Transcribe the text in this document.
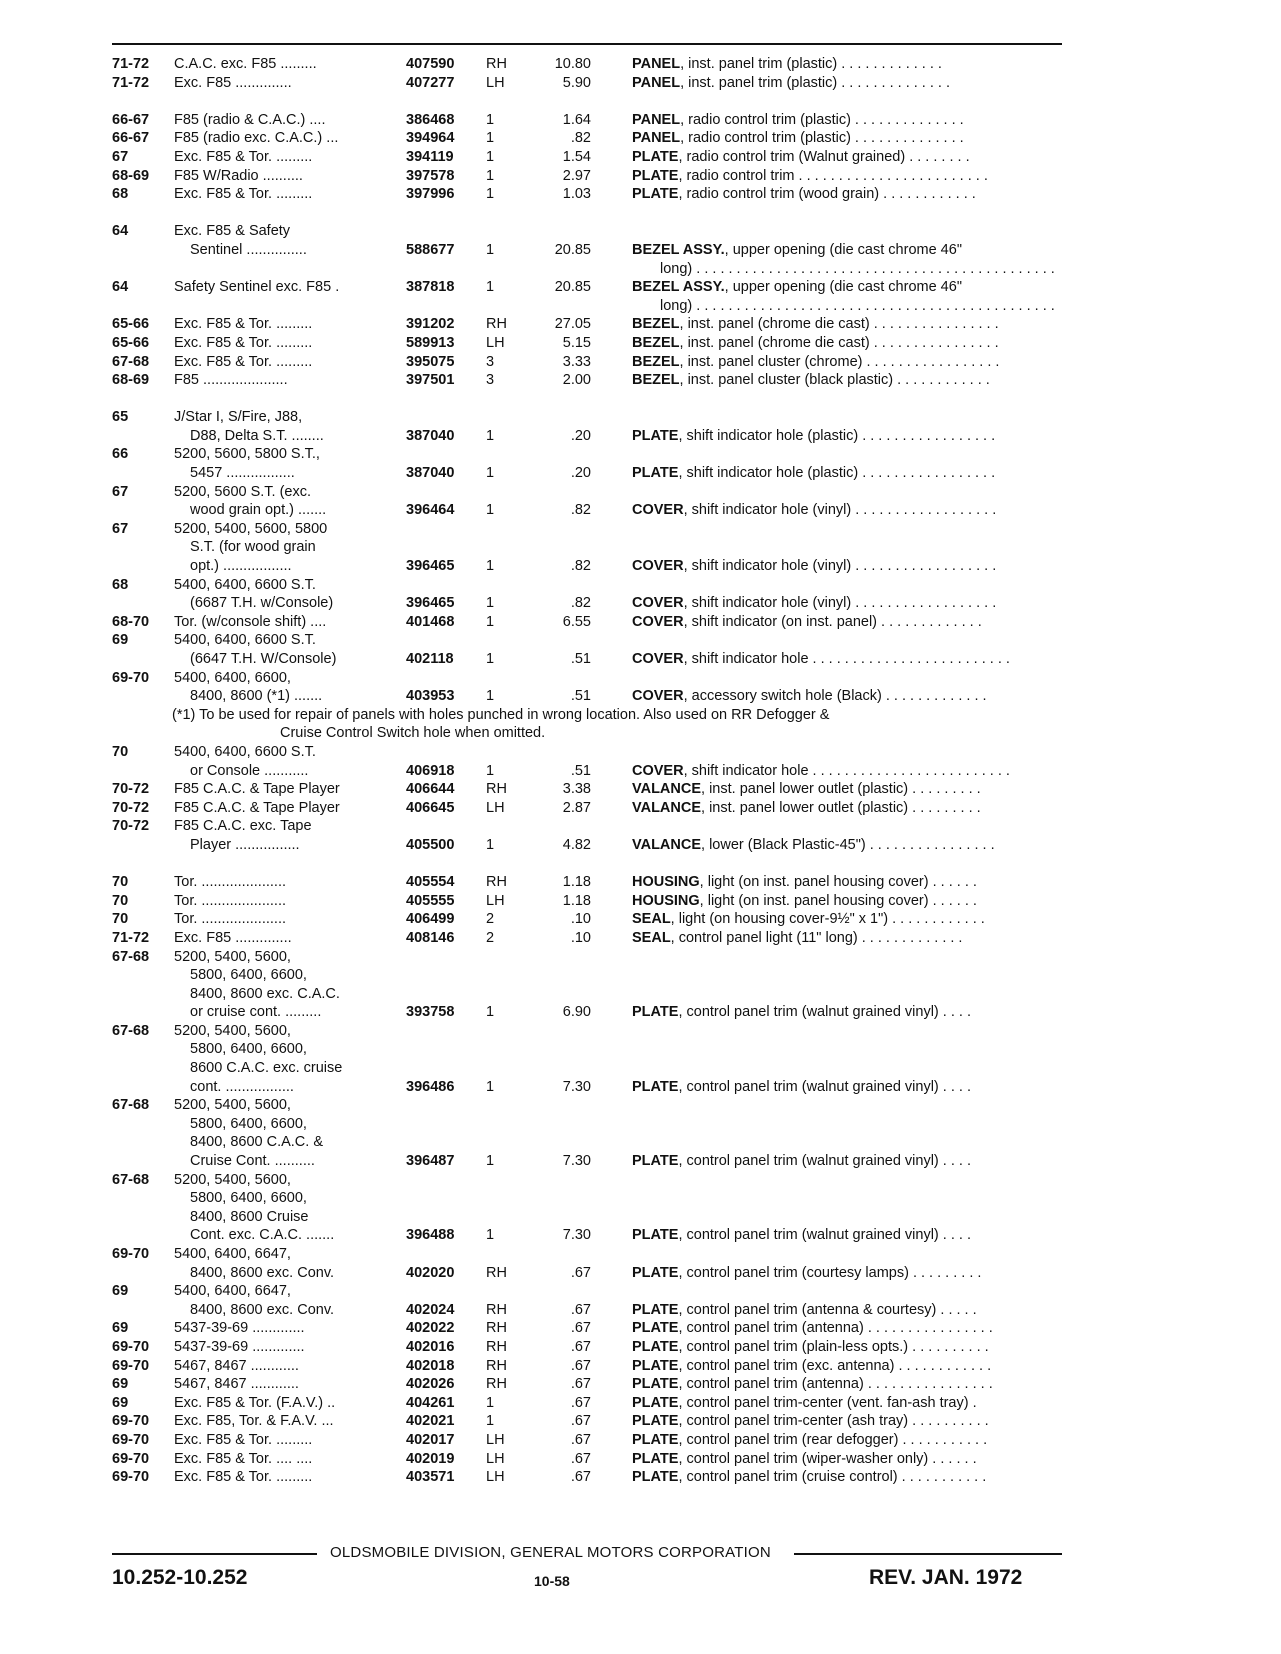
71-72	C.A.C. exc. F85 .........	407590	RH	10.80	PANEL, inst. panel trim (plastic) . . . . . . . . . . . . .
71-72	Exc. F85 ..............	407277	LH	5.90	PANEL, inst. panel trim (plastic) . . . . . . . . . . . . . .
66-67	F85 (radio & C.A.C.) ....	386468	1	1.64	PANEL, radio control trim (plastic) . . . . . . . . . . . . . .
66-67	F85 (radio exc. C.A.C.) ...	394964	1	.82	PANEL, radio control trim (plastic) . . . . . . . . . . . . . .
67	Exc. F85 & Tor. .........	394119	1	1.54	PLATE, radio control trim (Walnut grained) . . . . . . . .
68-69	F85 W/Radio ..........	397578	1	2.97	PLATE, radio control trim . . . . . . . . . . . . . . . . . . . . . . . .
68	Exc. F85 & Tor. .........	397996	1	1.03	PLATE, radio control trim (wood grain) . . . . . . . . . . . .
64	Exc. F85 & Safety
Sentinel ...............	588677	1	20.85	BEZEL ASSY., upper opening (die cast chrome 46"
long) . . . . . . . . . . . . . . . . . . . . . . . . . . . . . . . . . . . . . . . . . . . . .
64	Safety Sentinel exc. F85 .	387818	1	20.85	BEZEL ASSY., upper opening (die cast chrome 46"
long) . . . . . . . . . . . . . . . . . . . . . . . . . . . . . . . . . . . . . . . . . . . . .
65-66	Exc. F85 & Tor. .........	391202	RH	27.05	BEZEL, inst. panel (chrome die cast) . . . . . . . . . . . . . . . .
65-66	Exc. F85 & Tor. .........	589913	LH	5.15	BEZEL, inst. panel (chrome die cast) . . . . . . . . . . . . . . . .
67-68	Exc. F85 & Tor. .........	395075	3	3.33	BEZEL, inst. panel cluster (chrome) . . . . . . . . . . . . . . . . .
68-69	F85 .....................	397501	3	2.00	BEZEL, inst. panel cluster (black plastic) . . . . . . . . . . . .
65	J/Star I, S/Fire, J88,
D88, Delta S.T. ........	387040	1	.20	PLATE, shift indicator hole (plastic) . . . . . . . . . . . . . . . . .
66	5200, 5600, 5800 S.T.,
5457 .................	387040	1	.20	PLATE, shift indicator hole (plastic) . . . . . . . . . . . . . . . . .
67	5200, 5600 S.T. (exc.
wood grain opt.) .......	396464	1	.82	COVER, shift indicator hole (vinyl) . . . . . . . . . . . . . . . . . .
67	5200, 5400, 5600, 5800
S.T. (for wood grain
opt.) .................	396465	1	.82	COVER, shift indicator hole (vinyl) . . . . . . . . . . . . . . . . . .
68	5400, 6400, 6600 S.T.
(6687 T.H. w/Console)	396465	1	.82	COVER, shift indicator hole (vinyl) . . . . . . . . . . . . . . . . . .
68-70	Tor. (w/console shift) ....	401468	1	6.55	COVER, shift indicator (on inst. panel) . . . . . . . . . . . . .
69	5400, 6400, 6600 S.T.
(6647 T.H. W/Console)	402118	1	.51	COVER, shift indicator hole . . . . . . . . . . . . . . . . . . . . . . . . .
69-70	5400, 6400, 6600,
8400, 8600 (*1) .......	403953	1	.51	COVER, accessory switch hole (Black) . . . . . . . . . . . . .
(*1) To be used for repair of panels with holes punched in wrong location. Also used on RR Defogger &
Cruise Control Switch hole when omitted.
70	5400, 6400, 6600 S.T.
or Console ...........	406918	1	.51	COVER, shift indicator hole . . . . . . . . . . . . . . . . . . . . . . . . .
70-72	F85 C.A.C. & Tape Player	406644	RH	3.38	VALANCE, inst. panel lower outlet (plastic) . . . . . . . . .
70-72	F85 C.A.C. & Tape Player	406645	LH	2.87	VALANCE, inst. panel lower outlet (plastic) . . . . . . . . .
70-72	F85 C.A.C. exc. Tape
Player ................	405500	1	4.82	VALANCE, lower (Black Plastic-45") . . . . . . . . . . . . . . . .
70	Tor. .....................	405554	RH	1.18	HOUSING, light (on inst. panel housing cover) . . . . . .
70	Tor. .....................	405555	LH	1.18	HOUSING, light (on inst. panel housing cover) . . . . . .
70	Tor. .....................	406499	2	.10	SEAL, light (on housing cover-9½" x 1") . . . . . . . . . . . .
71-72	Exc. F85 ..............	408146	2	.10	SEAL, control panel light (11" long) . . . . . . . . . . . . .
67-68	5200, 5400, 5600,
5800, 6400, 6600,
8400, 8600 exc. C.A.C.
or cruise cont. .........	393758	1	6.90	PLATE, control panel trim (walnut grained vinyl) . . . .
67-68	5200, 5400, 5600,
5800, 6400, 6600,
8600 C.A.C. exc. cruise
cont. .................	396486	1	7.30	PLATE, control panel trim (walnut grained vinyl) . . . .
67-68	5200, 5400, 5600,
5800, 6400, 6600,
8400, 8600 C.A.C. &
Cruise Cont. ..........	396487	1	7.30	PLATE, control panel trim (walnut grained vinyl) . . . .
67-68	5200, 5400, 5600,
5800, 6400, 6600,
8400, 8600 Cruise
Cont. exc. C.A.C. .......	396488	1	7.30	PLATE, control panel trim (walnut grained vinyl) . . . .
69-70	5400, 6400, 6647,
8400, 8600 exc. Conv.	402020	RH	.67	PLATE, control panel trim (courtesy lamps) . . . . . . . . .
69	5400, 6400, 6647,
8400, 8600 exc. Conv.	402024	RH	.67	PLATE, control panel trim (antenna & courtesy) . . . . .
69	5437-39-69 .............	402022	RH	.67	PLATE, control panel trim (antenna) . . . . . . . . . . . . . . . .
69-70	5437-39-69 .............	402016	RH	.67	PLATE, control panel trim (plain-less opts.) . . . . . . . . . .
69-70	5467, 8467 ............	402018	RH	.67	PLATE, control panel trim (exc. antenna) . . . . . . . . . . . .
69	5467, 8467 ............	402026	RH	.67	PLATE, control panel trim (antenna) . . . . . . . . . . . . . . . .
69	Exc. F85 & Tor. (F.A.V.) ..	404261	1	.67	PLATE, control panel trim-center (vent. fan-ash tray) .
69-70	Exc. F85, Tor. & F.A.V. ...	402021	1	.67	PLATE, control panel trim-center (ash tray) . . . . . . . . . .
69-70	Exc. F85 & Tor. .........	402017	LH	.67	PLATE, control panel trim (rear defogger) . . . . . . . . . . .
69-70	Exc. F85 & Tor. .... ....	402019	LH	.67	PLATE, control panel trim (wiper-washer only) . . . . . .
69-70	Exc. F85 & Tor. .........	403571	LH	.67	PLATE, control panel trim (cruise control) . . . . . . . . . . .
OLDSMOBILE DIVISION, GENERAL MOTORS CORPORATION
10.252-10.252	10-58	REV. JAN. 1972
